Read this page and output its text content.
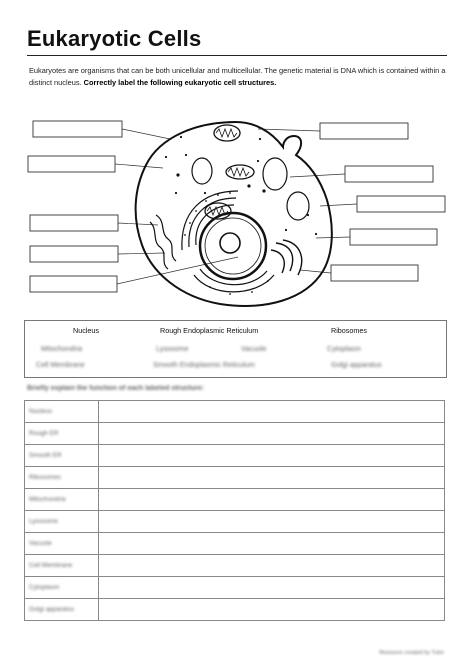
Eukaryotic Cells
Eukaryotes are organisms that can be both unicellular and multicellular. The genetic material is DNA which is contained within a distinct nucleus. Correctly label the following eukaryotic cell structures.
Nucleus	Rough Endoplasmic Reticulum	Ribosomes
Mitochondria	Lysosome	Vacuole	Cytoplasm
Cell Membrane	Smooth Endoplasmic Reticulum	Golgi apparatus
Briefly explain the function of each labeled structure:
Nucleus	
Rough ER	
Smooth ER	
Ribosomes	
Mitochondria	
Lysosome	
Vacuole	
Cell Membrane	
Cytoplasm	
Golgi apparatus	
Resource created by Tutor
